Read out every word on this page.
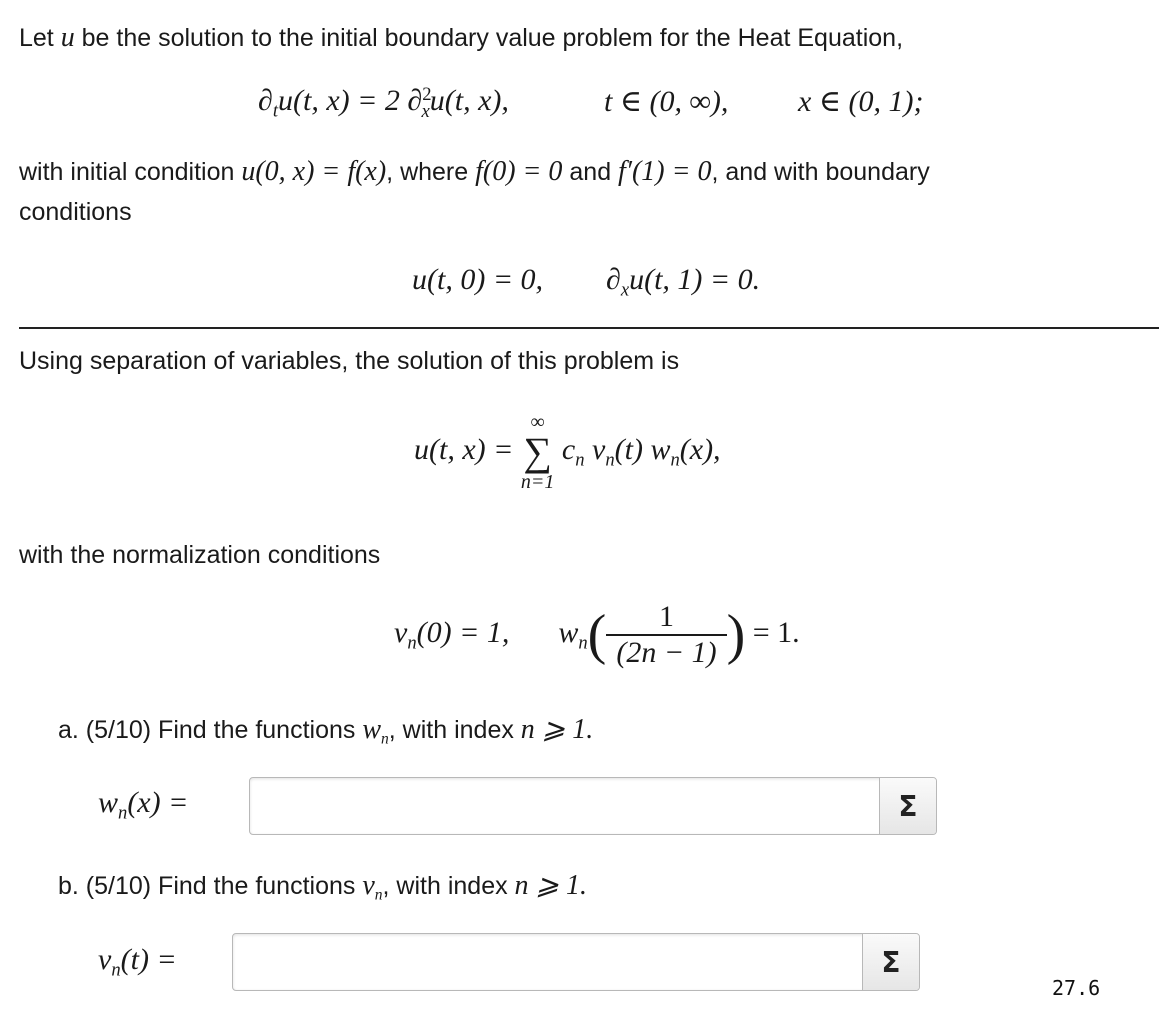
Let u be the solution to the initial boundary value problem for the Heat Equation,
$\partial_tu(t$, x) = 2 ∂$^2_x$u(t, x),	t ∈ (0, ∞), x ∈ (0, 1);
with initial condition u(0, x) = f(x), where f(0) = 0 and f′(1) = 0, and with boundary
conditions
u(t, 0) = 0, $\partial_xu(t$, 1) = 0.
Using separation of variables, the solution of this problem is
u(t, x) =
∞
∑
n=1
$c_n$ $v_n(t)$ $w_n(x)$,
with the normalization conditions
$v_n(0) = 1$, $w_n( \frac{1}{(2n - 1)}$ ) = 1.
a. (5/10) Find the functions $w_n$, with index n ⩾ 1.
$w_n(x)$ =	Σ
b. (5/10) Find the functions $v_n$, with index n ⩾ 1.
$v_n(t)$ =	Σ
27.6
